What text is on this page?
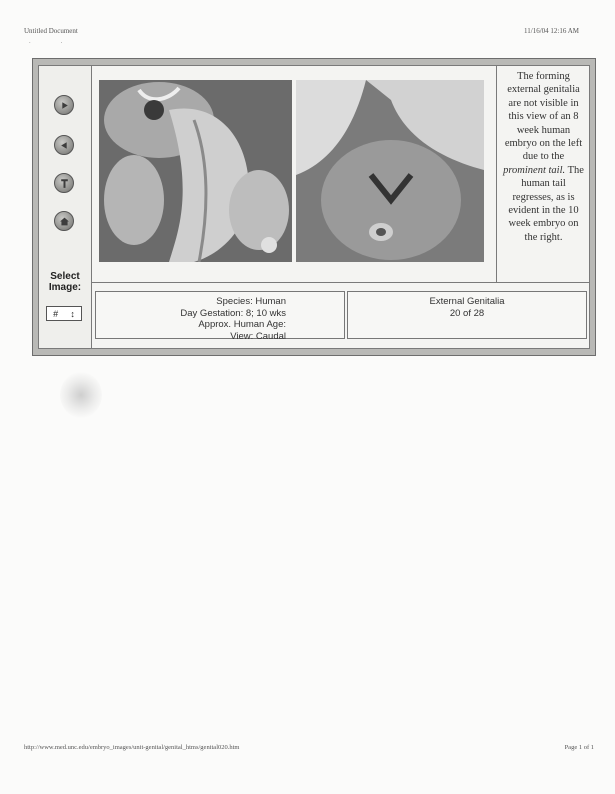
Untitled Document	11/16/04 12:16 AM
..
Select
Image:
# ↕
The forming external genitalia are not visible in this view of an 8 week human embryo on the left due to the prominent tail. The human tail regresses, as is evident in the 10 week embryo on the right.
Species: Human
Day Gestation: 8; 10 wks
Approx. Human Age:
View: Caudal
External Genitalia
20 of 28
http://www.med.unc.edu/embryo_images/unit-genital/genital_htms/genital020.htm	Page 1 of 1
